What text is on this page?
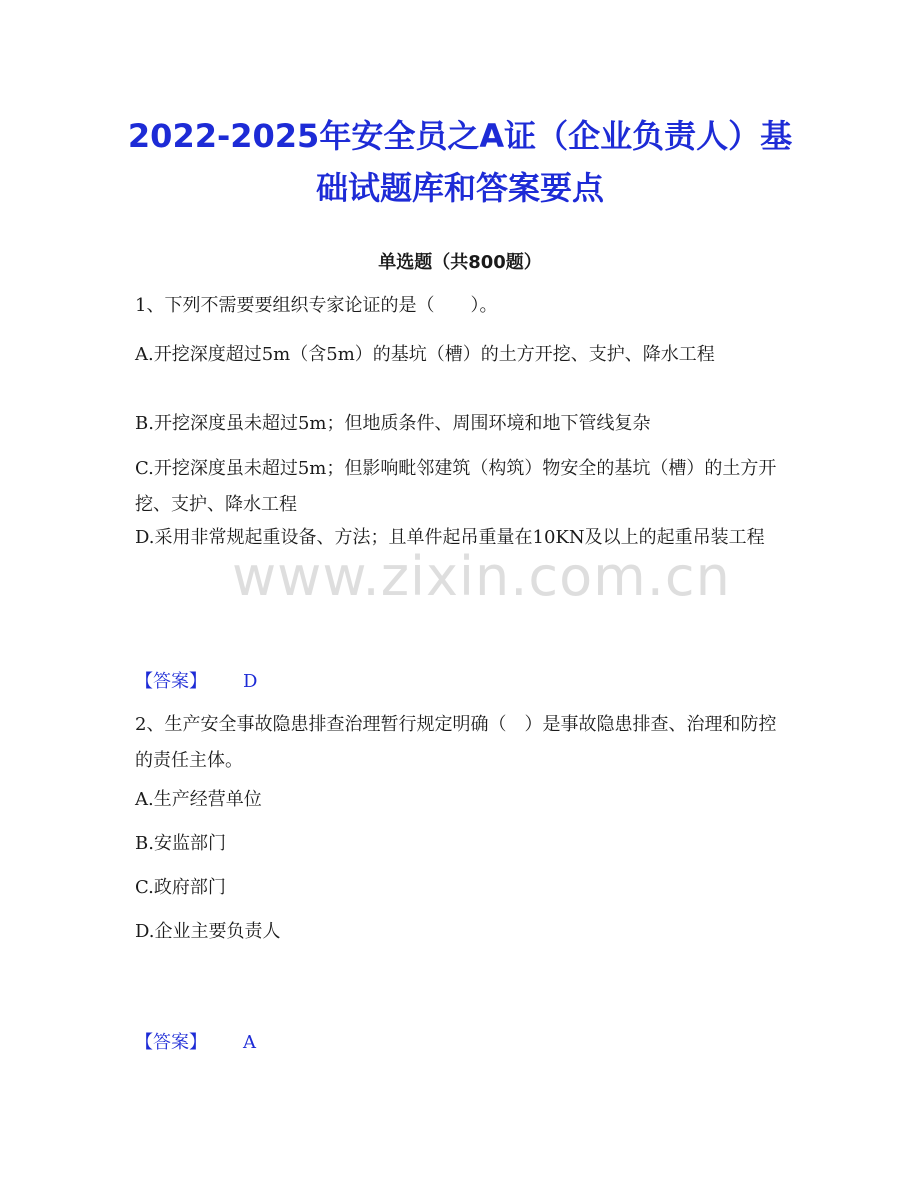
2022-2025年安全员之A证（企业负责人）基础试题库和答案要点
单选题（共800题）

1、下列不需要要组织专家论证的是（　　）。

A.开挖深度超过5m（含5m）的基坑（槽）的土方开挖、支护、降水工程

B.开挖深度虽未超过5m；但地质条件、周围环境和地下管线复杂

C.开挖深度虽未超过5m；但影响毗邻建筑（构筑）物安全的基坑（槽）的土方开挖、支护、降水工程

D.采用非常规起重设备、方法；且单件起吊重量在10KN及以上的起重吊装工程

【答案】 D

2、生产安全事故隐患排查治理暂行规定明确（　）是事故隐患排查、治理和防控的责任主体。

A.生产经营单位

B.安监部门

C.政府部门

D.企业主要负责人

【答案】 A
www.zixin.com.cn
